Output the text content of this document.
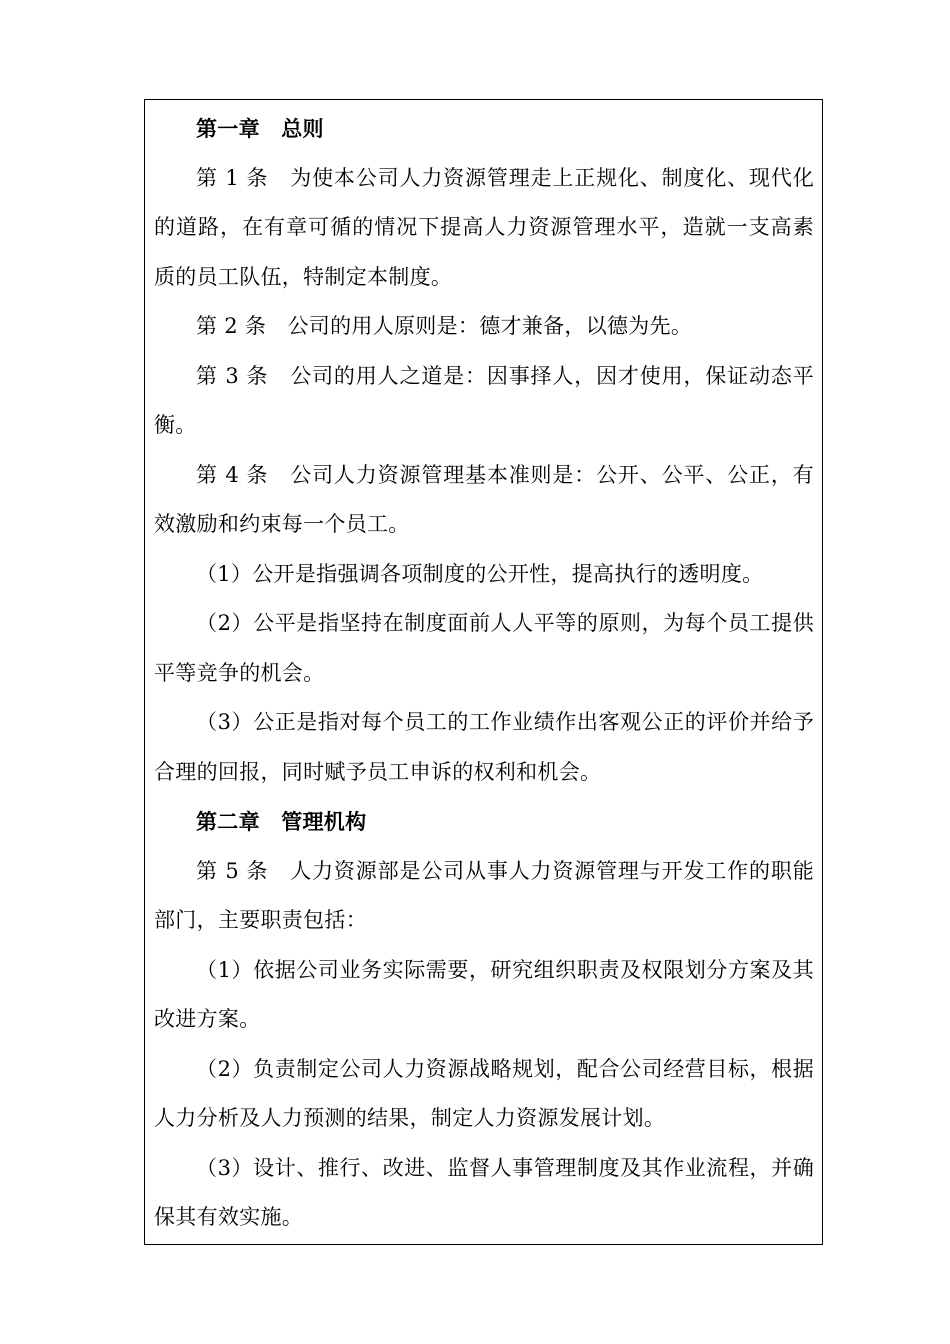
第一章　总则

第 1 条　为使本公司人力资源管理走上正规化、制度化、现代化的道路，在有章可循的情况下提高人力资源管理水平，造就一支高素质的员工队伍，特制定本制度。

第 2 条　公司的用人原则是：德才兼备，以德为先。

第 3 条　公司的用人之道是：因事择人，因才使用，保证动态平衡。

第 4 条　公司人力资源管理基本准则是：公开、公平、公正，有效激励和约束每一个员工。

（1）公开是指强调各项制度的公开性，提高执行的透明度。

（2）公平是指坚持在制度面前人人平等的原则，为每个员工提供平等竞争的机会。

（3）公正是指对每个员工的工作业绩作出客观公正的评价并给予合理的回报，同时赋予员工申诉的权利和机会。

第二章　管理机构

第 5 条　人力资源部是公司从事人力资源管理与开发工作的职能部门，主要职责包括：

（1）依据公司业务实际需要，研究组织职责及权限划分方案及其改进方案。

（2）负责制定公司人力资源战略规划，配合公司经营目标，根据人力分析及人力预测的结果，制定人力资源发展计划。

（3）设计、推行、改进、监督人事管理制度及其作业流程，并确保其有效实施。
